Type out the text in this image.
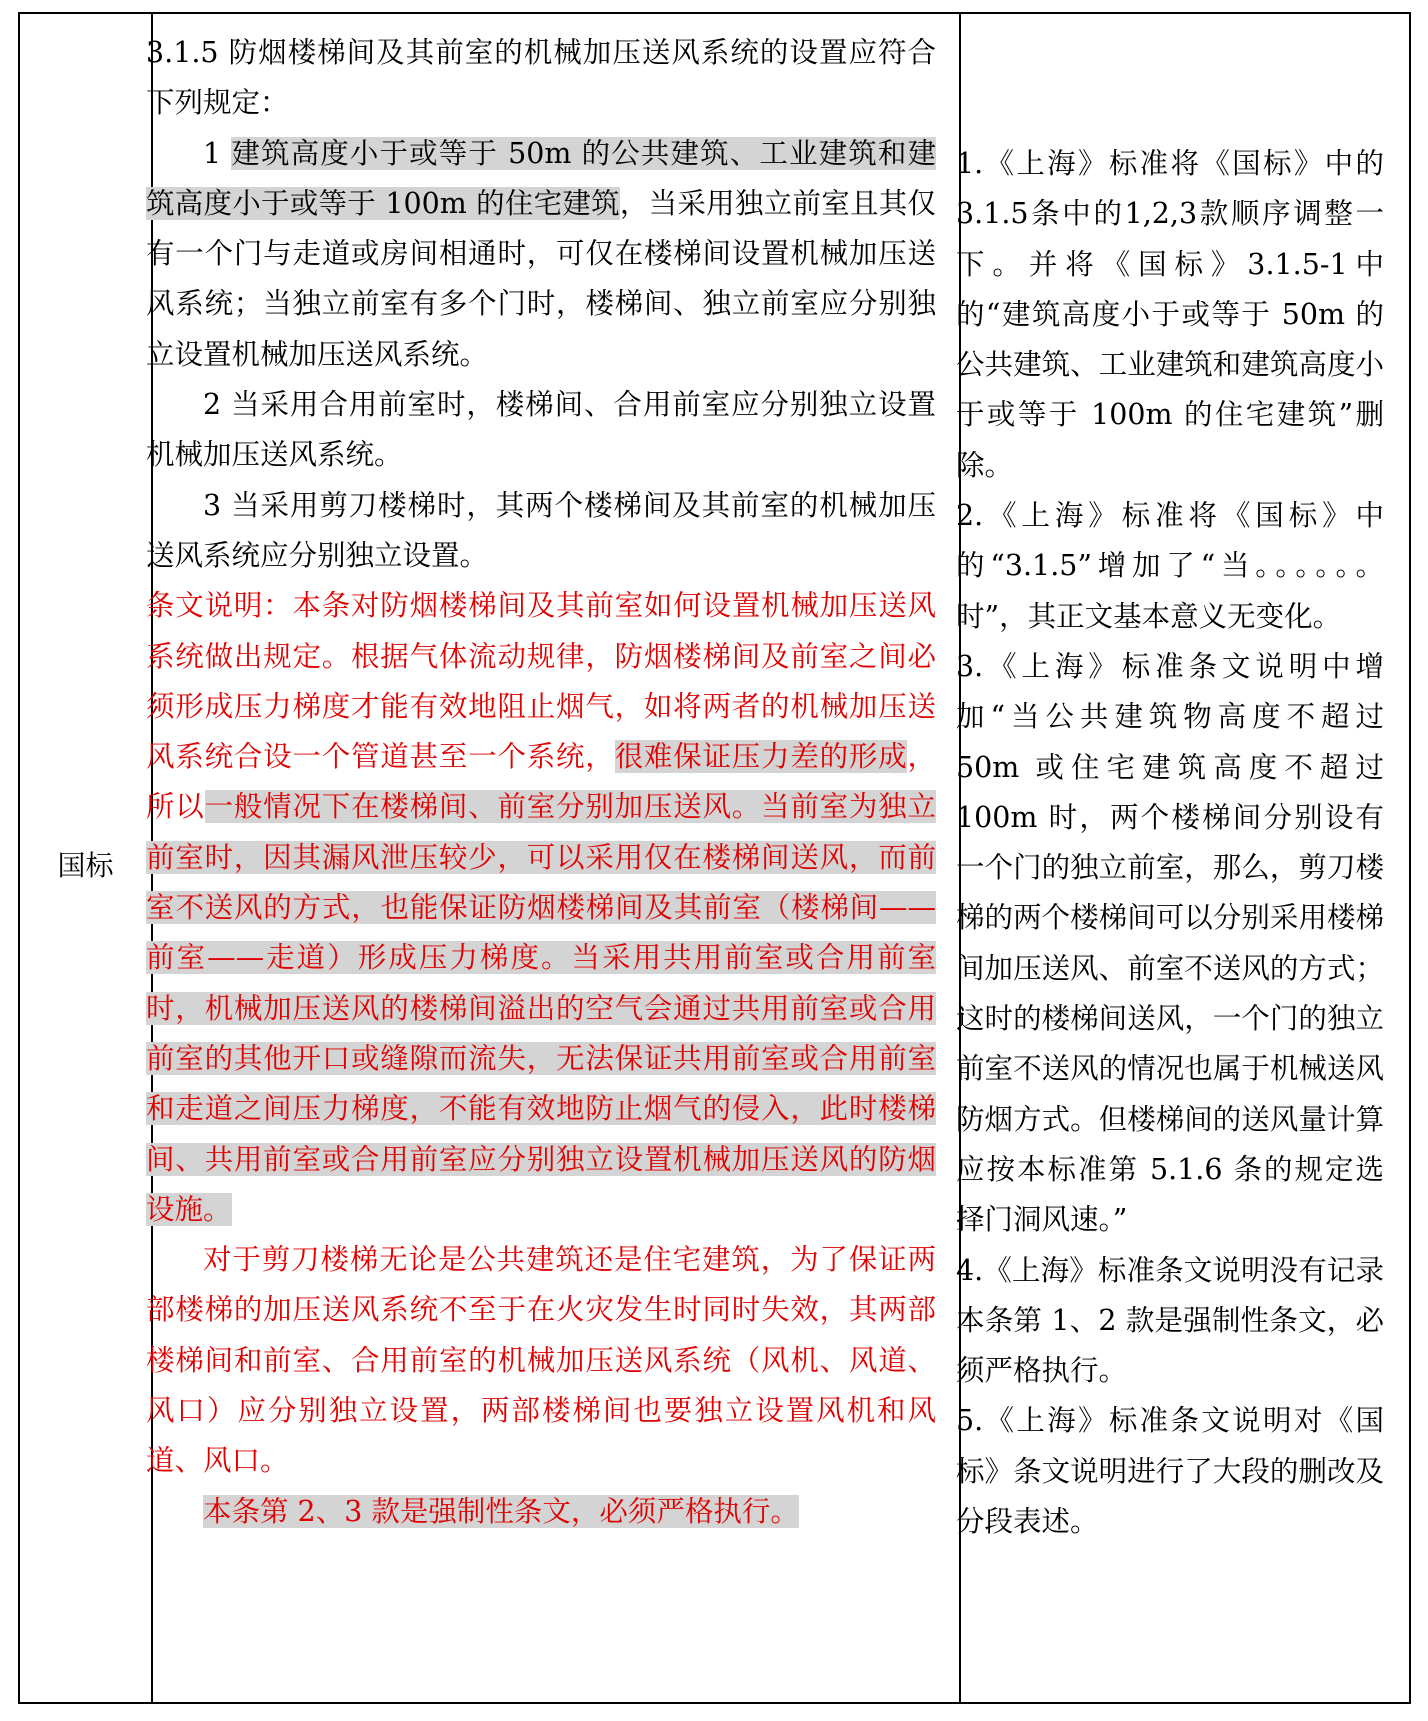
国标

3.1.5 防烟楼梯间及其前室的机械加压送风系统的设置应符合下列规定：

1 建筑高度小于或等于 50m 的公共建筑、工业建筑和建筑高度小于或等于 100m 的住宅建筑，当采用独立前室且其仅有一个门与走道或房间相通时，可仅在楼梯间设置机械加压送风系统；当独立前室有多个门时，楼梯间、独立前室应分别独立设置机械加压送风系统。

2 当采用合用前室时，楼梯间、合用前室应分别独立设置机械加压送风系统。

3 当采用剪刀楼梯时，其两个楼梯间及其前室的机械加压送风系统应分别独立设置。

条文说明：本条对防烟楼梯间及其前室如何设置机械加压送风系统做出规定。根据气体流动规律，防烟楼梯间及前室之间必须形成压力梯度才能有效地阻止烟气，如将两者的机械加压送风系统合设一个管道甚至一个系统，很难保证压力差的形成，所以一般情况下在楼梯间、前室分别加压送风。当前室为独立前室时，因其漏风泄压较少，可以采用仅在楼梯间送风，而前室不送风的方式，也能保证防烟楼梯间及其前室（楼梯间——前室——走道）形成压力梯度。当采用共用前室或合用前室时，机械加压送风的楼梯间溢出的空气会通过共用前室或合用前室的其他开口或缝隙而流失，无法保证共用前室或合用前室和走道之间压力梯度，不能有效地防止烟气的侵入，此时楼梯间、共用前室或合用前室应分别独立设置机械加压送风的防烟设施。

对于剪刀楼梯无论是公共建筑还是住宅建筑，为了保证两部楼梯的加压送风系统不至于在火灾发生时同时失效，其两部楼梯间和前室、合用前室的机械加压送风系统（风机、风道、风口）应分别独立设置，两部楼梯间也要独立设置风机和风道、风口。

本条第 2、3 款是强制性条文，必须严格执行。

1.《上海》标准将《国标》中的3.1.5条中的1,2,3款顺序调整一下。并将《国标》3.1.5-1中的“建筑高度小于或等于 50m 的公共建筑、工业建筑和建筑高度小于或等于 100m 的住宅建筑”删除。

2.《上海》标准将《国标》中的“3.1.5”增加了“当。。。。。。时”，其正文基本意义无变化。

3.《上海》标准条文说明中增加“当公共建筑物高度不超过 50m 或住宅建筑高度不超过 100m 时，两个楼梯间分别设有一个门的独立前室，那么，剪刀楼梯的两个楼梯间可以分别采用楼梯间加压送风、前室不送风的方式；这时的楼梯间送风，一个门的独立前室不送风的情况也属于机械送风防烟方式。但楼梯间的送风量计算应按本标准第 5.1.6 条的规定选择门洞风速。”

4.《上海》标准条文说明没有记录本条第 1、2 款是强制性条文，必须严格执行。

5.《上海》标准条文说明对《国标》条文说明进行了大段的删改及分段表述。
